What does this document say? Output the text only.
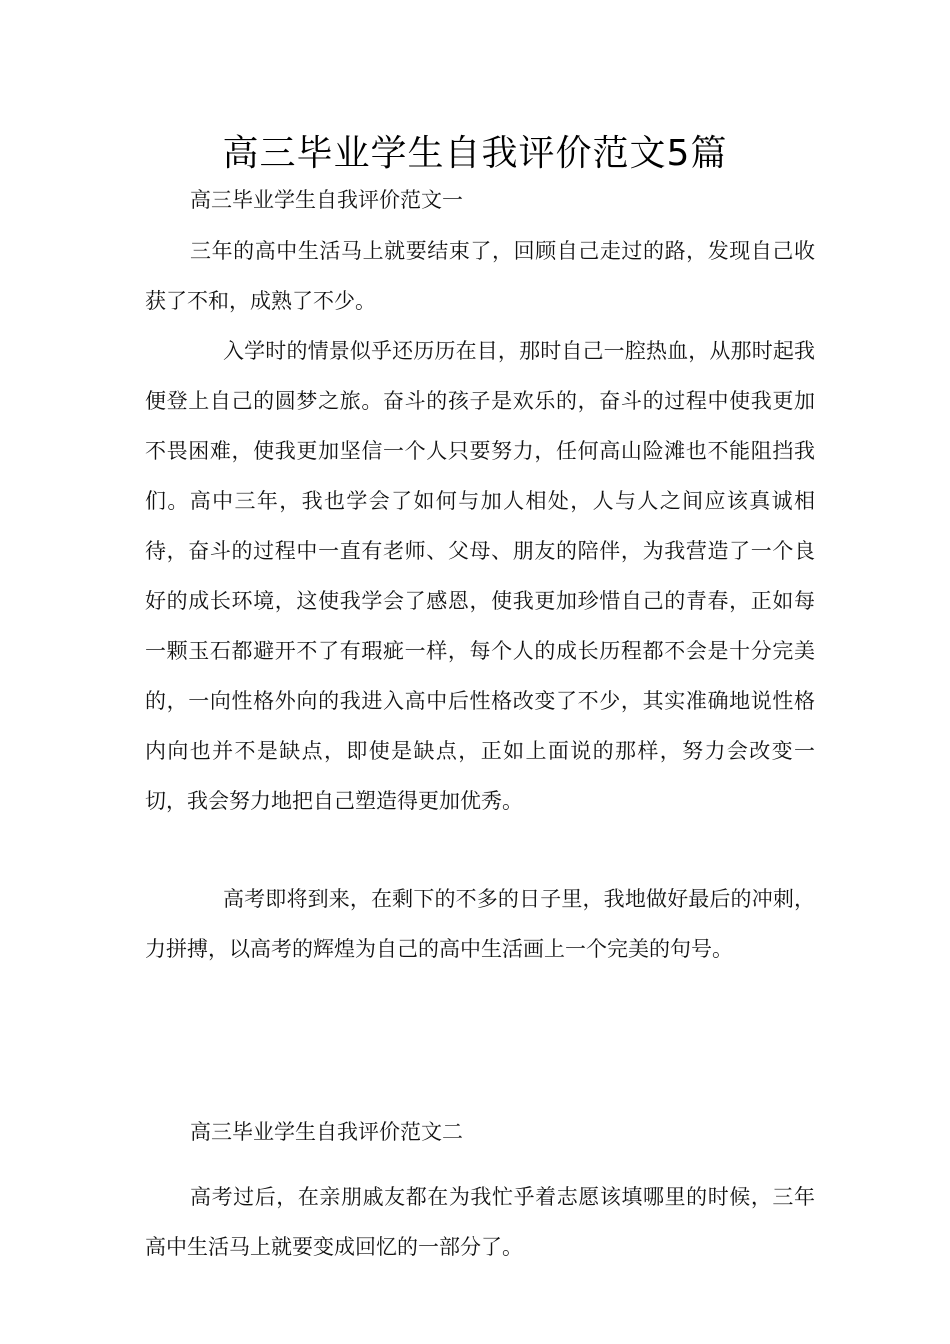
高三毕业学生自我评价范文5篇

高三毕业学生自我评价范文一

三年的高中生活马上就要结束了，回顾自己走过的路，发现自己收获了不和，成熟了不少。

入学时的情景似乎还历历在目，那时自己一腔热血，从那时起我便登上自己的圆梦之旅。奋斗的孩子是欢乐的，奋斗的过程中使我更加不畏困难，使我更加坚信一个人只要努力，任何高山险滩也不能阻挡我们。高中三年，我也学会了如何与加人相处，人与人之间应该真诚相待，奋斗的过程中一直有老师、父母、朋友的陪伴，为我营造了一个良好的成长环境，这使我学会了感恩，使我更加珍惜自己的青春，正如每一颗玉石都避开不了有瑕疵一样，每个人的成长历程都不会是十分完美的，一向性格外向的我进入高中后性格改变了不少，其实准确地说性格内向也并不是缺点，即使是缺点，正如上面说的那样，努力会改变一切，我会努力地把自己塑造得更加优秀。

高考即将到来，在剩下的不多的日子里，我地做好最后的冲刺，力拼搏，以高考的辉煌为自己的高中生活画上一个完美的句号。

高三毕业学生自我评价范文二

高考过后，在亲朋戚友都在为我忙乎着志愿该填哪里的时候，三年高中生活马上就要变成回忆的一部分了。
